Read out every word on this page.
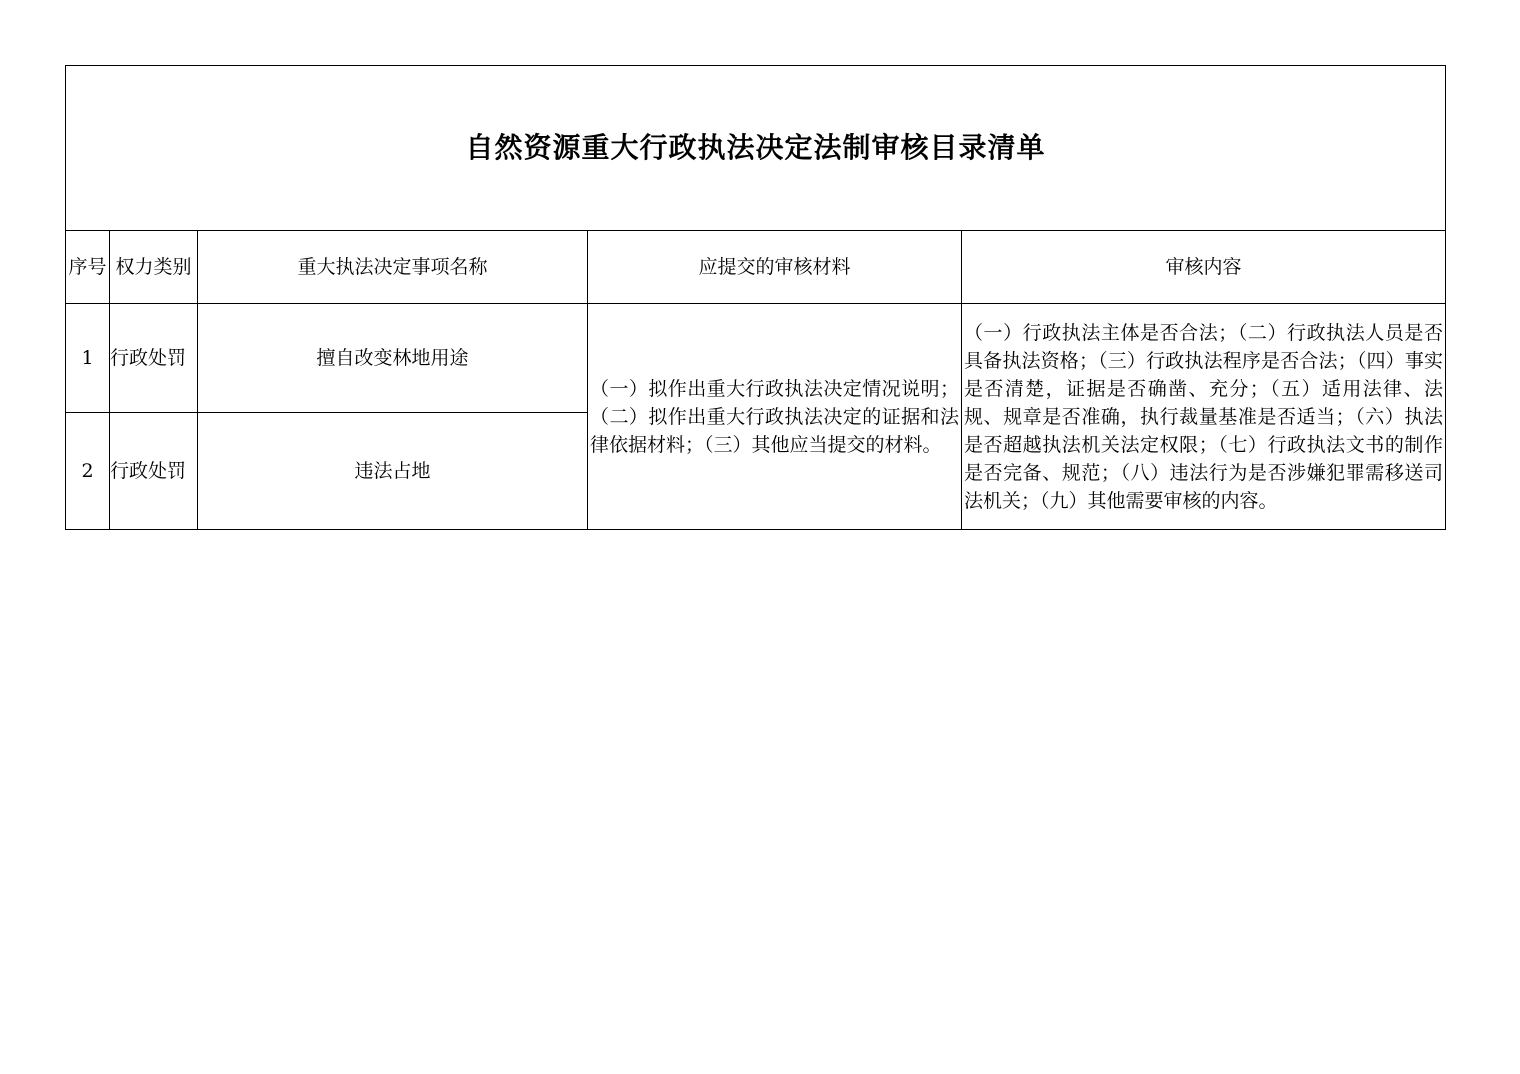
自然资源重大行政执法决定法制审核目录清单				
序号	权力类别	重大执法决定事项名称	应提交的审核材料	审核内容
1	行政处罚	擅自改变林地用途	（一）拟作出重大行政执法决定情况说明；（二）拟作出重大行政执法决定的证据和法律依据材料；（三）其他应当提交的材料。	（一）行政执法主体是否合法；（二）行政执法人员是否具备执法资格；（三）行政执法程序是否合法；（四）事实是否清楚，证据是否确凿、充分；（五）适用法律、法规、规章是否准确，执行裁量基准是否适当；（六）执法是否超越执法机关法定权限；（七）行政执法文书的制作是否完备、规范；（八）违法行为是否涉嫌犯罪需移送司法机关；（九）其他需要审核的内容。
2	行政处罚	违法占地		
